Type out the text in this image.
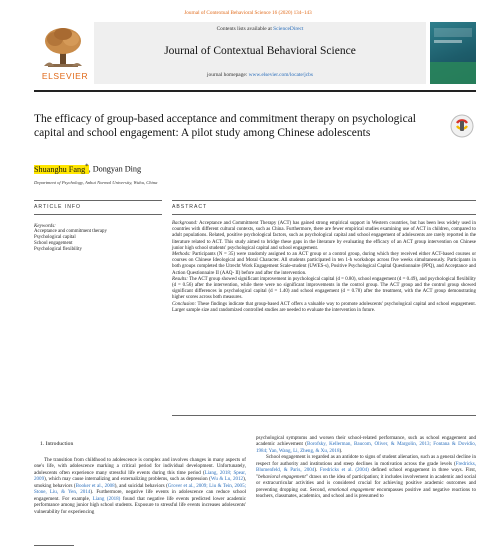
Journal of Contextual Behavioral Science 16 (2020) 134–143
ELSEVIER
Contents lists available at ScienceDirect
Journal of Contextual Behavioral Science
journal homepage: www.elsevier.com/locate/jcbs
The efficacy of group-based acceptance and commitment therapy on psychological capital and school engagement: A pilot study among Chinese adolescents
Shuanghu Fang*, Dongyan Ding
Department of Psychology, Anhui Normal University, Wuhu, China
ARTICLE INFO	ABSTRACT
Keywords:
Acceptance and commitment therapy
Psychological capital
School engagement
Psychological flexibility

Background: Acceptance and Commitment Therapy (ACT) has gained strong empirical support in Western countries, but has been less widely used in countries with different cultural contexts, such as China. Furthermore, there are fewer empirical studies examining use of ACT in children, compared to adult populations. Related, positive psychological factors, such as psychological capital and school engagement of adolescents are rarely reported in the literature related to ACT. This study aimed to bridge these gaps in the literature by evaluating the efficacy of an ACT group intervention on Chinese junior high school students' psychological capital and school engagement.

Methods: Participants (N = 35) were randomly assigned to an ACT group or a control group, during which they received either ACT-based courses or courses on Chinese Ideological and Moral Character. All students participated in ten 1-h workshops across five weeks simultaneously. Participants in both groups completed the Utrecht Work Engagement Scale-student (UWES-s), Positive Psychological Capital Questionnaire (PPQ), and Acceptance and Action Questionnaire II (AAQ- II) before and after the intervention.

Results: The ACT group showed significant improvement in psychological capital (d = 0.80), school engagement (d = 0.49), and psychological flexibility (d = 0.56) after the intervention, while there were no significant improvements in the control group. The ACT group and the control group showed significant differences in psychological capital (d = 1.40) and school engagement (d = 0.78) after the treatment, with the ACT group demonstrating higher scores across both measures.

Conclusion: These findings indicate that group-based ACT offers a valuable way to promote adolescents' psychological capital and school engagement. Larger sample size and randomized controlled studies are needed to evaluate the intervention in future.

1. Introduction
The transition from childhood to adolescence is complex and involves changes in many aspects of one's life, with adolescence marking a critical period for individual development. Unfortunately, adolescents often experience many stressful life events during this time period (Liang, 2018; Spear, 2009), which may cause internalizing and externalizing problems, such as depression (Wu & Lu, 2012), smoking behaviors (Booker et al., 2008), and suicidal behaviors (Grover et al., 2009; Liu & Tein, 2005; Stone, Liu, & Yen, 2014). Furthermore, negative life events in adolescence can reduce school engagement. For example, Liang (2018) found that negative life events predicted lower academic performance among junior high school students. Exposure to stressful life events increases adolescents' vulnerability for experiencing

psychological symptoms and worsen their school-related performance, such as school engagement and academic achievement (Borofsky, Kellerman, Baucom, Oliver, & Margolin, 2013; Fontana & Dovidio, 1984; Yan, Wang, Li, Zheng, & Xu, 2018).

School engagement is regarded as an antidote to signs of student alienation, such as a general decline in respect for authority and institutions and steep declines in motivation across the grade levels (Fredricks, Blumenfeld, & Paris, 2004). Fredricks et al. (2004) defined school engagement in three ways. First, "behavioral engagement" draws on the idea of participation; it includes involvement in academic and social or extracurricular activities and is considered crucial for achieving positive academic outcomes and preventing dropping out. Second, emotional engagement encompasses positive and negative reactions to teachers, classmates, academics, and school and is presumed to
